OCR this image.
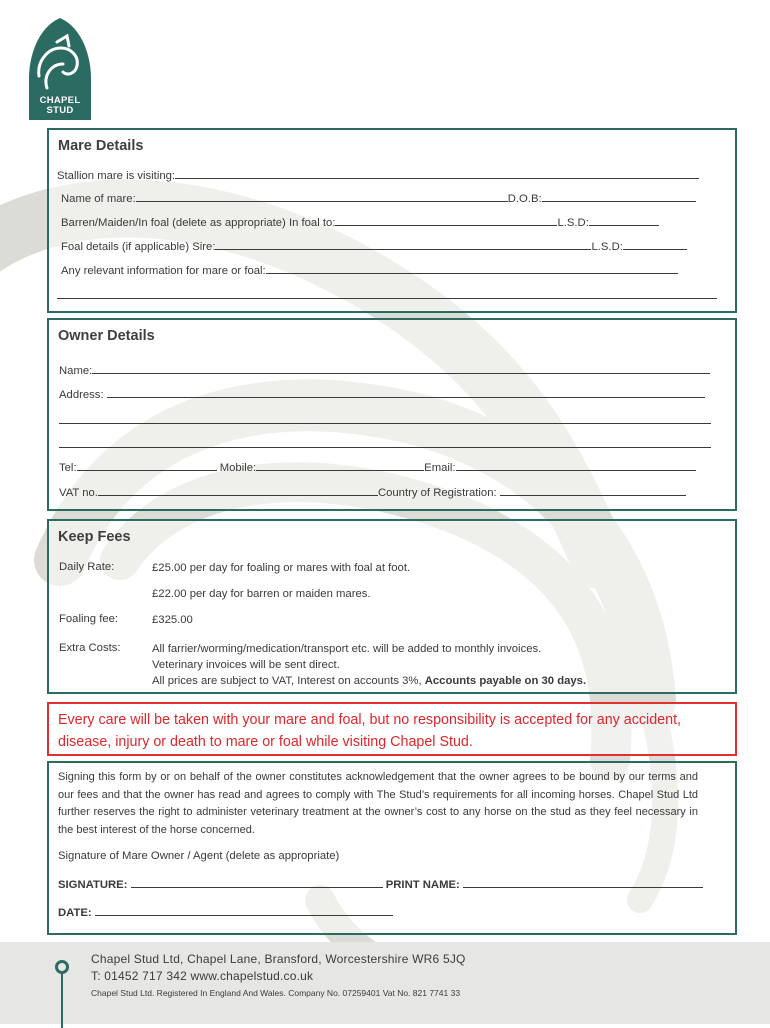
CHAPEL
STUD
Mare Details
Stallion mare is visiting:
Name of mare:	D.O.B:
Barren/Maiden/In foal (delete as appropriate) In foal to:	L.S.D:
Foal details (if applicable) Sire:	L.S.D:
Any relevant information for mare or foal:
Owner Details
Name:
Address:
Tel:	Mobile:	Email:
VAT no.	Country of Registration:
Keep Fees
Daily Rate:	£25.00 per day for foaling or mares with foal at foot.
£22.00 per day for barren or maiden mares.
Foaling fee:	£325.00
Extra Costs:	All farrier/worming/medication/transport etc. will be added to monthly invoices.
Veterinary invoices will be sent direct.
All prices are subject to VAT, Interest on accounts 3%, Accounts payable on 30 days.

Every care will be taken with your mare and foal, but no responsibility is accepted for any accident, disease, injury or death to mare or foal while visiting Chapel Stud.

Signing this form by or on behalf of the owner constitutes acknowledgement that the owner agrees to be bound by our terms and our fees and that the owner has read and agrees to comply with The Stud’s requirements for all incoming horses. Chapel Stud Ltd further reserves the right to administer veterinary treatment at the owner’s cost to any horse on the stud as they feel necessary in the best interest of the horse concerned.
Signature of Mare Owner / Agent (delete as appropriate)
SIGNATURE:	PRINT NAME:
DATE:
Chapel Stud Ltd, Chapel Lane, Bransford, Worcestershire WR6 5JQ
T: 01452 717 342 www.chapelstud.co.uk
Chapel Stud Ltd. Registered In England And Wales. Company No. 07259401 Vat No. 821 7741 33
